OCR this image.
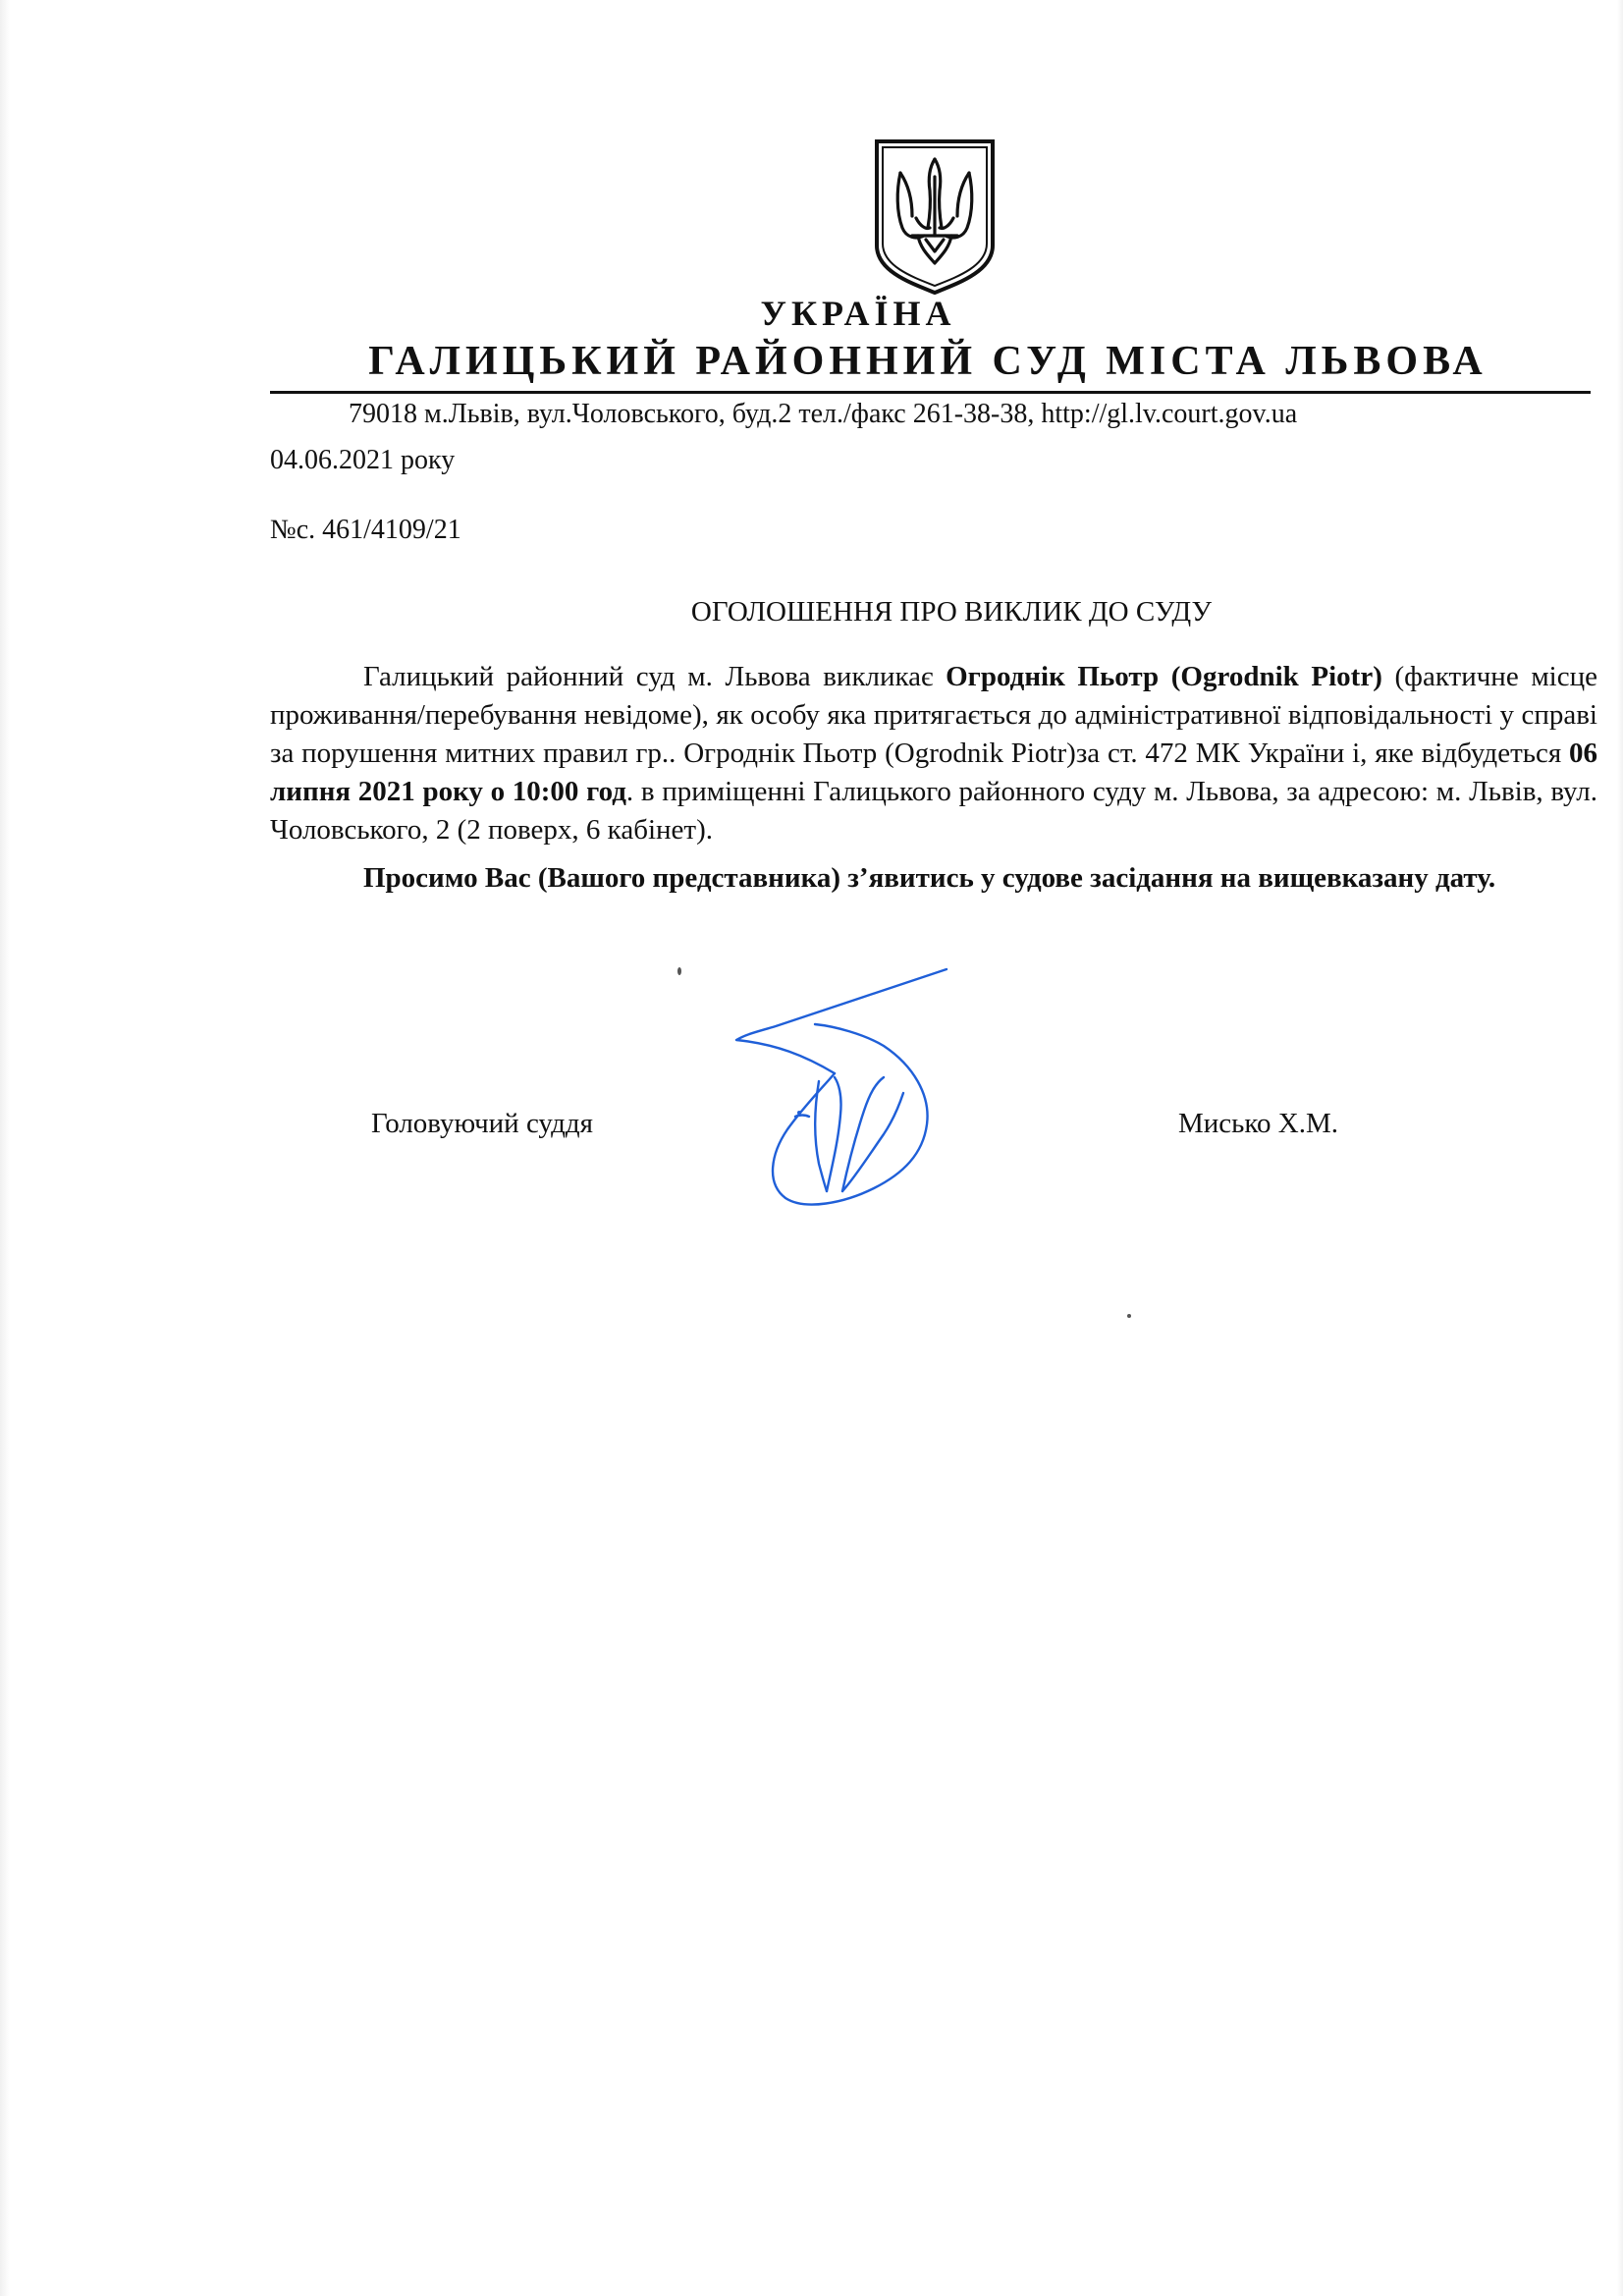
УКРАЇНА
ГАЛИЦЬКИЙ РАЙОННИЙ СУД МІСТА ЛЬВОВА
79018 м.Львів, вул.Чоловського, буд.2 тел./факс 261-38-38, http://gl.lv.court.gov.ua
04.06.2021 року
№с. 461/4109/21
ОГОЛОШЕННЯ ПРО ВИКЛИК ДО СУДУ

Галицький районний суд м. Львова викликає Огроднік Пьотр (Ogrodnik Piotr) (фактичне місце проживання/перебування невідоме), як особу яка притягається до адміністративної відповідальності у справі за порушення митних правил гр.. Огроднік Пьотр (Ogrodnik Piotr)за ст. 472 МК України і, яке відбудеться 06 липня 2021 року о 10:00 год. в приміщенні Галицького районного суду м. Львова, за адресою: м. Львів, вул. Чоловського, 2 (2 поверх, 6 кабінет).

Просимо Вас (Вашого представника) з’явитись у судове засідання на вищевказану дату.

Головуючий суддя	Мисько Х.М.
